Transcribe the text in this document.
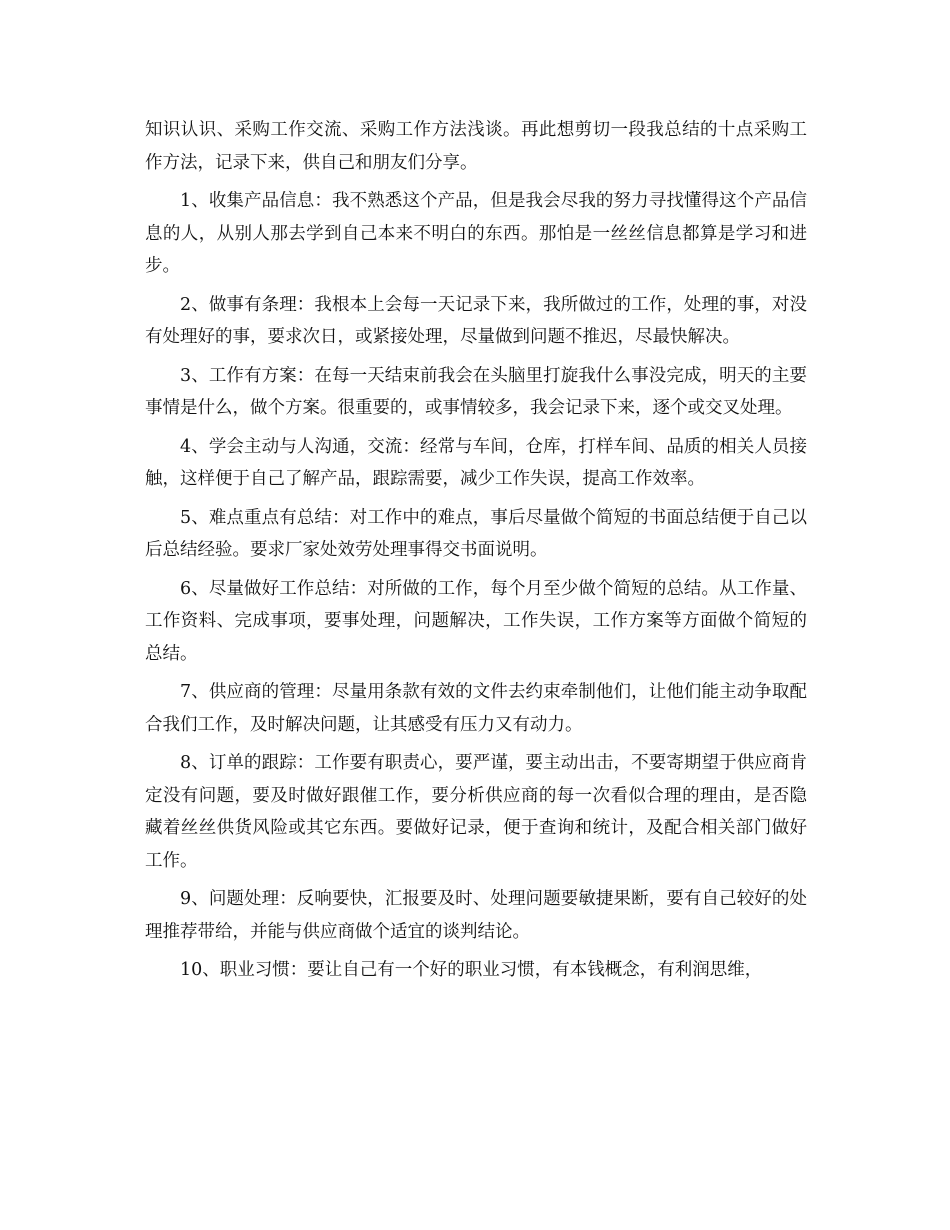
知识认识、采购工作交流、采购工作方法浅谈。再此想剪切一段我总结的十点采购工作方法，记录下来，供自己和朋友们分享。

1、收集产品信息：我不熟悉这个产品，但是我会尽我的努力寻找懂得这个产品信息的人，从别人那去学到自己本来不明白的东西。那怕是一丝丝信息都算是学习和进步。

2、做事有条理：我根本上会每一天记录下来，我所做过的工作，处理的事，对没有处理好的事，要求次日，或紧接处理，尽量做到问题不推迟，尽最快解决。

3、工作有方案：在每一天结束前我会在头脑里打旋我什么事没完成，明天的主要事情是什么，做个方案。很重要的，或事情较多，我会记录下来，逐个或交叉处理。

4、学会主动与人沟通，交流：经常与车间，仓库，打样车间、品质的相关人员接触，这样便于自己了解产品，跟踪需要，减少工作失误，提高工作效率。

5、难点重点有总结：对工作中的难点，事后尽量做个简短的书面总结便于自己以后总结经验。要求厂家处效劳处理事得交书面说明。

6、尽量做好工作总结：对所做的工作，每个月至少做个简短的总结。从工作量、工作资料、完成事项，要事处理，问题解决，工作失误，工作方案等方面做个简短的总结。

7、供应商的管理：尽量用条款有效的文件去约束牵制他们，让他们能主动争取配合我们工作，及时解决问题，让其感受有压力又有动力。

8、订单的跟踪：工作要有职责心，要严谨，要主动出击，不要寄期望于供应商肯定没有问题，要及时做好跟催工作，要分析供应商的每一次看似合理的理由，是否隐藏着丝丝供货风险或其它东西。要做好记录，便于查询和统计，及配合相关部门做好工作。

9、问题处理：反响要快，汇报要及时、处理问题要敏捷果断，要有自己较好的处理推荐带给，并能与供应商做个适宜的谈判结论。

10、职业习惯：要让自己有一个好的职业习惯，有本钱概念，有利润思维，
